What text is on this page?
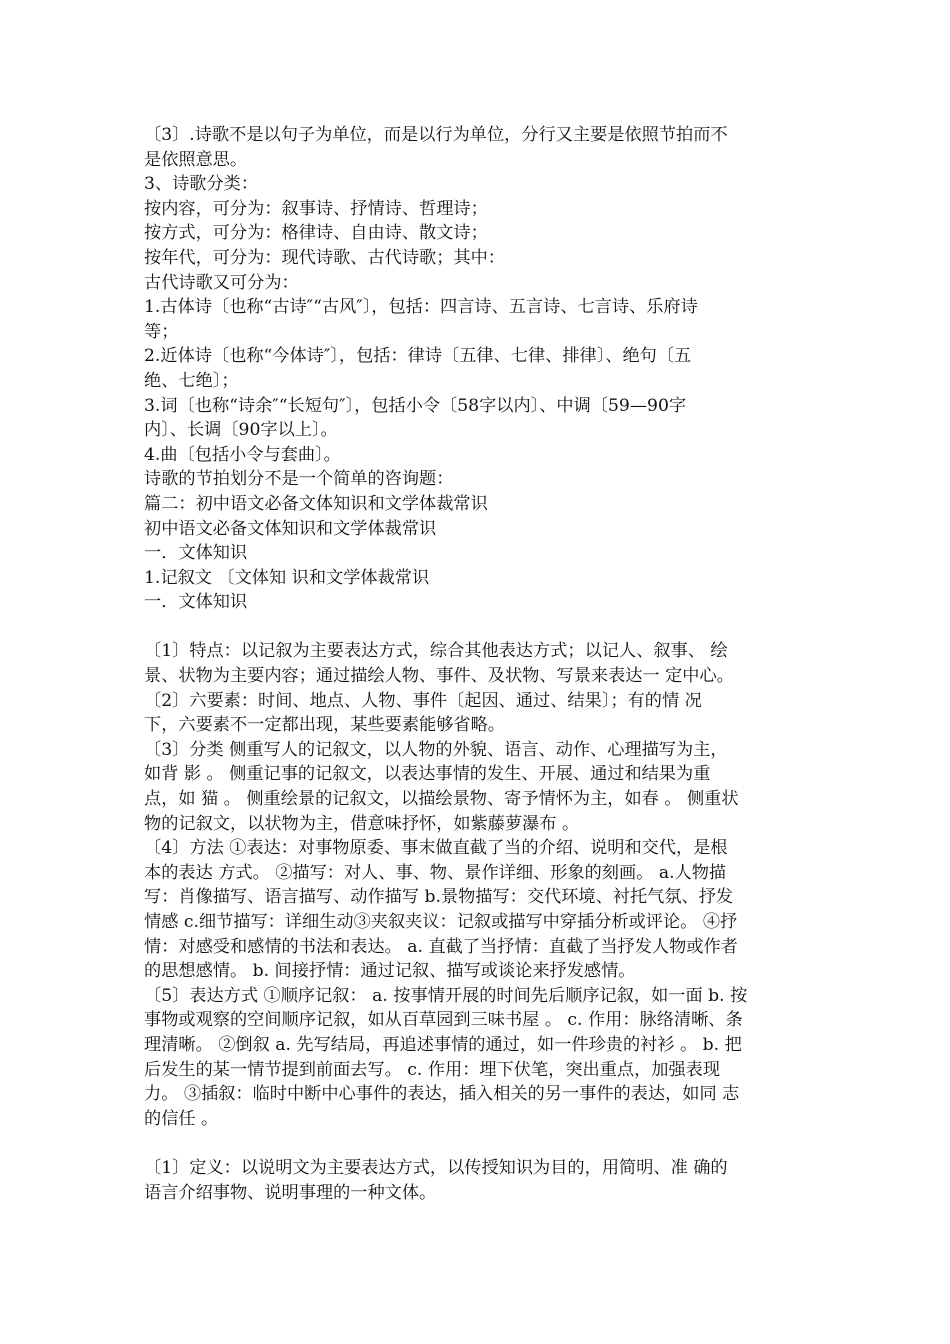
〔3〕.诗歌不是以句子为单位，而是以行为单位，分行又主要是依照节拍而不
是依照意思。
3、诗歌分类：
按内容，可分为：叙事诗、抒情诗、哲理诗；
按方式，可分为：格律诗、自由诗、散文诗；
按年代，可分为：现代诗歌、古代诗歌；其中：
古代诗歌又可分为：
1.古体诗〔也称“古诗″“古风″〕，包括：四言诗、五言诗、七言诗、乐府诗
等；
2.近体诗〔也称“今体诗″〕，包括：律诗〔五律、七律、排律〕、绝句〔五
绝、七绝〕；
3.词〔也称“诗余″“长短句″〕，包括小令〔58字以内〕、中调〔59—90字
内〕、长调〔90字以上〕。
4.曲〔包括小令与套曲〕。
诗歌的节拍划分不是一个简单的咨询题：
篇二：初中语文必备文体知识和文学体裁常识
初中语文必备文体知识和文学体裁常识
一．文体知识
1.记叙文 〔文体知 识和文学体裁常识
一．文体知识
〔1〕特点：以记叙为主要表达方式，综合其他表达方式；以记人、叙事、 绘
景、状物为主要内容；通过描绘人物、事件、及状物、写景来表达一 定中心。
〔2〕六要素：时间、地点、人物、事件〔起因、通过、结果〕；有的情 况
下，六要素不一定都出现，某些要素能够省略。
〔3〕分类 侧重写人的记叙文，以人物的外貌、语言、动作、心理描写为主，
如背 影 。 侧重记事的记叙文，以表达事情的发生、开展、通过和结果为重
点，如 猫 。 侧重绘景的记叙文，以描绘景物、寄予情怀为主，如春 。 侧重状
物的记叙文，以状物为主，借意味抒怀，如紫藤萝瀑布 。
〔4〕方法 ①表达：对事物原委、事末做直截了当的介绍、说明和交代，是根
本的表达 方式。 ②描写：对人、事、物、景作详细、形象的刻画。 a.人物描
写：肖像描写、语言描写、动作描写 b.景物描写：交代环境、衬托气氛、抒发
情感 c.细节描写：详细生动③夹叙夹议：记叙或描写中穿插分析或评论。 ④抒
情：对感受和感情的书法和表达。 a. 直截了当抒情：直截了当抒发人物或作者
的思想感情。 b. 间接抒情：通过记叙、描写或谈论来抒发感情。
〔5〕表达方式 ①顺序记叙： a. 按事情开展的时间先后顺序记叙，如一面 b. 按
事物或观察的空间顺序记叙，如从百草园到三味书屋 。 c. 作用：脉络清晰、条
理清晰。 ②倒叙 a. 先写结局，再追述事情的通过，如一件珍贵的衬衫 。 b. 把
后发生的某一情节提到前面去写。 c. 作用：埋下伏笔，突出重点，加强表现
力。 ③插叙：临时中断中心事件的表达，插入相关的另一事件的表达，如同 志
的信任 。
〔1〕定义：以说明文为主要表达方式，以传授知识为目的，用简明、准 确的
语言介绍事物、说明事理的一种文体。
